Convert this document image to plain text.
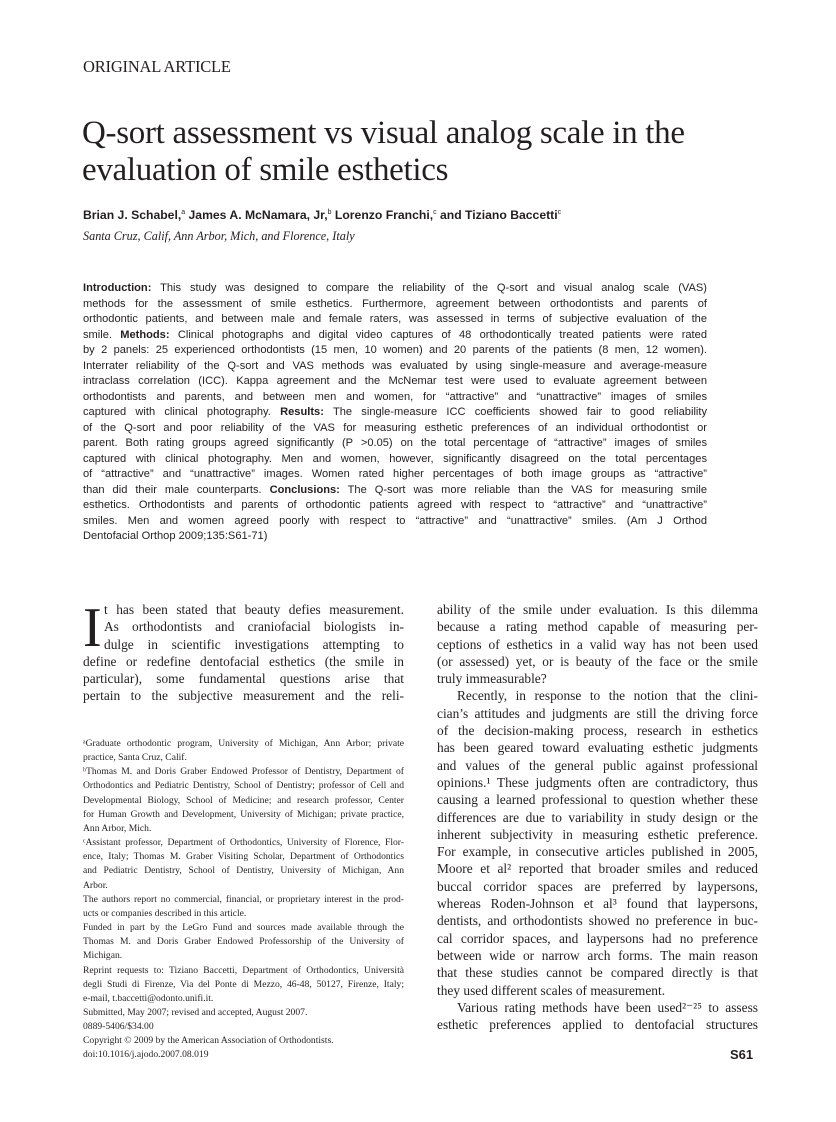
ORIGINAL ARTICLE
Q-sort assessment vs visual analog scale in the
evaluation of smile esthetics
Brian J. Schabel,$^a$ James A. McNamara, Jr,$^b$ Lorenzo Franchi,$^c$ and Tiziano Baccetti$^c$
Santa Cruz, Calif, Ann Arbor, Mich, and Florence, Italy
Introduction: This study was designed to compare the reliability of the Q-sort and visual analog scale (VAS)
methods for the assessment of smile esthetics. Furthermore, agreement between orthodontists and parents of
orthodontic patients, and between male and female raters, was assessed in terms of subjective evaluation of the
smile. Methods: Clinical photographs and digital video captures of 48 orthodontically treated patients were rated
by 2 panels: 25 experienced orthodontists (15 men, 10 women) and 20 parents of the patients (8 men, 12 women).
Interrater reliability of the Q-sort and VAS methods was evaluated by using single-measure and average-measure
intraclass correlation (ICC). Kappa agreement and the McNemar test were used to evaluate agreement between
orthodontists and parents, and between men and women, for “attractive” and “unattractive” images of smiles
captured with clinical photography. Results: The single-measure ICC coefficients showed fair to good reliability
of the Q-sort and poor reliability of the VAS for measuring esthetic preferences of an individual orthodontist or
parent. Both rating groups agreed significantly (P >0.05) on the total percentage of “attractive” images of smiles
captured with clinical photography. Men and women, however, significantly disagreed on the total percentages
of “attractive” and “unattractive” images. Women rated higher percentages of both image groups as “attractive”
than did their male counterparts. Conclusions: The Q-sort was more reliable than the VAS for measuring smile
esthetics. Orthodontists and parents of orthodontic patients agreed with respect to “attractive” and “unattractive”
smiles. Men and women agreed poorly with respect to “attractive” and “unattractive” smiles. (Am J Orthod
Dentofacial Orthop 2009;135:S61-71)
I t has been stated that beauty defies measurement.
As orthodontists and craniofacial biologists in-
dulge in scientific investigations attempting to
define or redefine dentofacial esthetics (the smile in
particular), some fundamental questions arise that
pertain to the subjective measurement and the reli-
ability of the smile under evaluation. Is this dilemma
because a rating method capable of measuring per-
ceptions of esthetics in a valid way has not been used
(or assessed) yet, or is beauty of the face or the smile
truly immeasurable?
Recently, in response to the notion that the clini-
cian’s attitudes and judgments are still the driving force
of the decision-making process, research in esthetics
has been geared toward evaluating esthetic judgments
and values of the general public against professional
opinions.¹ These judgments often are contradictory, thus
causing a learned professional to question whether these
differences are due to variability in study design or the
inherent subjectivity in measuring esthetic preference.
For example, in consecutive articles published in 2005,
Moore et al² reported that broader smiles and reduced
buccal corridor spaces are preferred by laypersons,
whereas Roden-Johnson et al³ found that laypersons,
dentists, and orthodontists showed no preference in buc-
cal corridor spaces, and laypersons had no preference
between wide or narrow arch forms. The main reason
that these studies cannot be compared directly is that
they used different scales of measurement.
Various rating methods have been used²⁻²⁵ to assess
esthetic preferences applied to dentofacial structures
ᵃGraduate orthodontic program, University of Michigan, Ann Arbor; private
practice, Santa Cruz, Calif.
ᵇThomas M. and Doris Graber Endowed Professor of Dentistry, Department of
Orthodontics and Pediatric Dentistry, School of Dentistry; professor of Cell and
Developmental Biology, School of Medicine; and research professor, Center
for Human Growth and Development, University of Michigan; private practice,
Ann Arbor, Mich.
ᶜAssistant professor, Department of Orthodontics, University of Florence, Flor-
ence, Italy; Thomas M. Graber Visiting Scholar, Department of Orthodontics
and Pediatric Dentistry, School of Dentistry, University of Michigan, Ann
Arbor.
The authors report no commercial, financial, or proprietary interest in the prod-
ucts or companies described in this article.
Funded in part by the LeGro Fund and sources made available through the
Thomas M. and Doris Graber Endowed Professorship of the University of
Michigan.
Reprint requests to: Tiziano Baccetti, Department of Orthodontics, Università
degli Studi di Firenze, Via del Ponte di Mezzo, 46-48, 50127, Firenze, Italy;
e-mail, t.baccetti@odonto.unifi.it.
Submitted, May 2007; revised and accepted, August 2007.
0889-5406/$34.00
Copyright © 2009 by the American Association of Orthodontists.
doi:10.1016/j.ajodo.2007.08.019	S61
